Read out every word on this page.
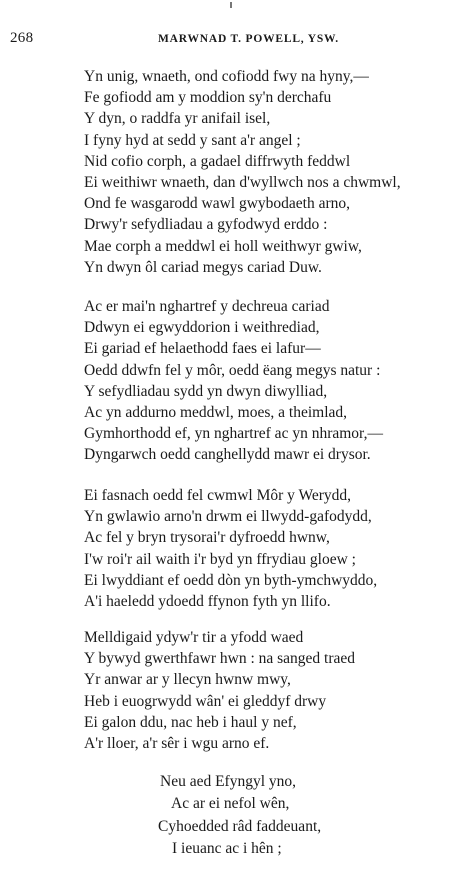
268	MARWNAD T. POWELL, YSW.
Yn unig, wnaeth, ond cofiodd fwy na hyny,—
Fe gofiodd am y moddion sy'n derchafu
Y dyn, o raddfa yr anifail isel,
I fyny hyd at sedd y sant a'r angel ;
Nid cofio corph, a gadael diffrwyth feddwl
Ei weithiwr wnaeth, dan d'wyllwch nos a chwmwl,
Ond fe wasgarodd wawl gwybodaeth arno,
Drwy'r sefydliadau a gyfodwyd erddo :
Mae corph a meddwl ei holl weithwyr gwiw,
Yn dwyn ôl cariad megys cariad Duw.
Ac er mai'n nghartref y dechreua cariad
Ddwyn ei egwyddorion i weithrediad,
Ei gariad ef helaethodd faes ei lafur—
Oedd ddwfn fel y môr, oedd ëang megys natur :
Y sefydliadau sydd yn dwyn diwylliad,
Ac yn addurno meddwl, moes, a theimlad,
Gymhorthodd ef, yn nghartref ac yn nhramor,—
Dyngarwch oedd canghellydd mawr ei drysor.
Ei fasnach oedd fel cwmwl Môr y Werydd,
Yn gwlawio arno'n drwm ei llwydd-gafodydd,
Ac fel y bryn trysorai'r dyfroedd hwnw,
I'w roi'r ail waith i'r byd yn ffrydiau gloew ;
Ei lwyddiant ef oedd dòn yn byth-ymchwyddo,
A'i haeledd ydoedd ffynon fyth yn llifo.
Melldigaid ydyw'r tir a yfodd waed
Y bywyd gwerthfawr hwn : na sanged traed
Yr anwar ar y llecyn hwnw mwy,
Heb i euogrwydd wân' ei gleddyf drwy
Ei galon ddu, nac heb i haul y nef,
A'r lloer, a'r sêr i wgu arno ef.
Neu aed Efyngyl yno,
Ac ar ei nefol wên,
Cyhoedded râd faddeuant,
I ieuanc ac i hên ;
